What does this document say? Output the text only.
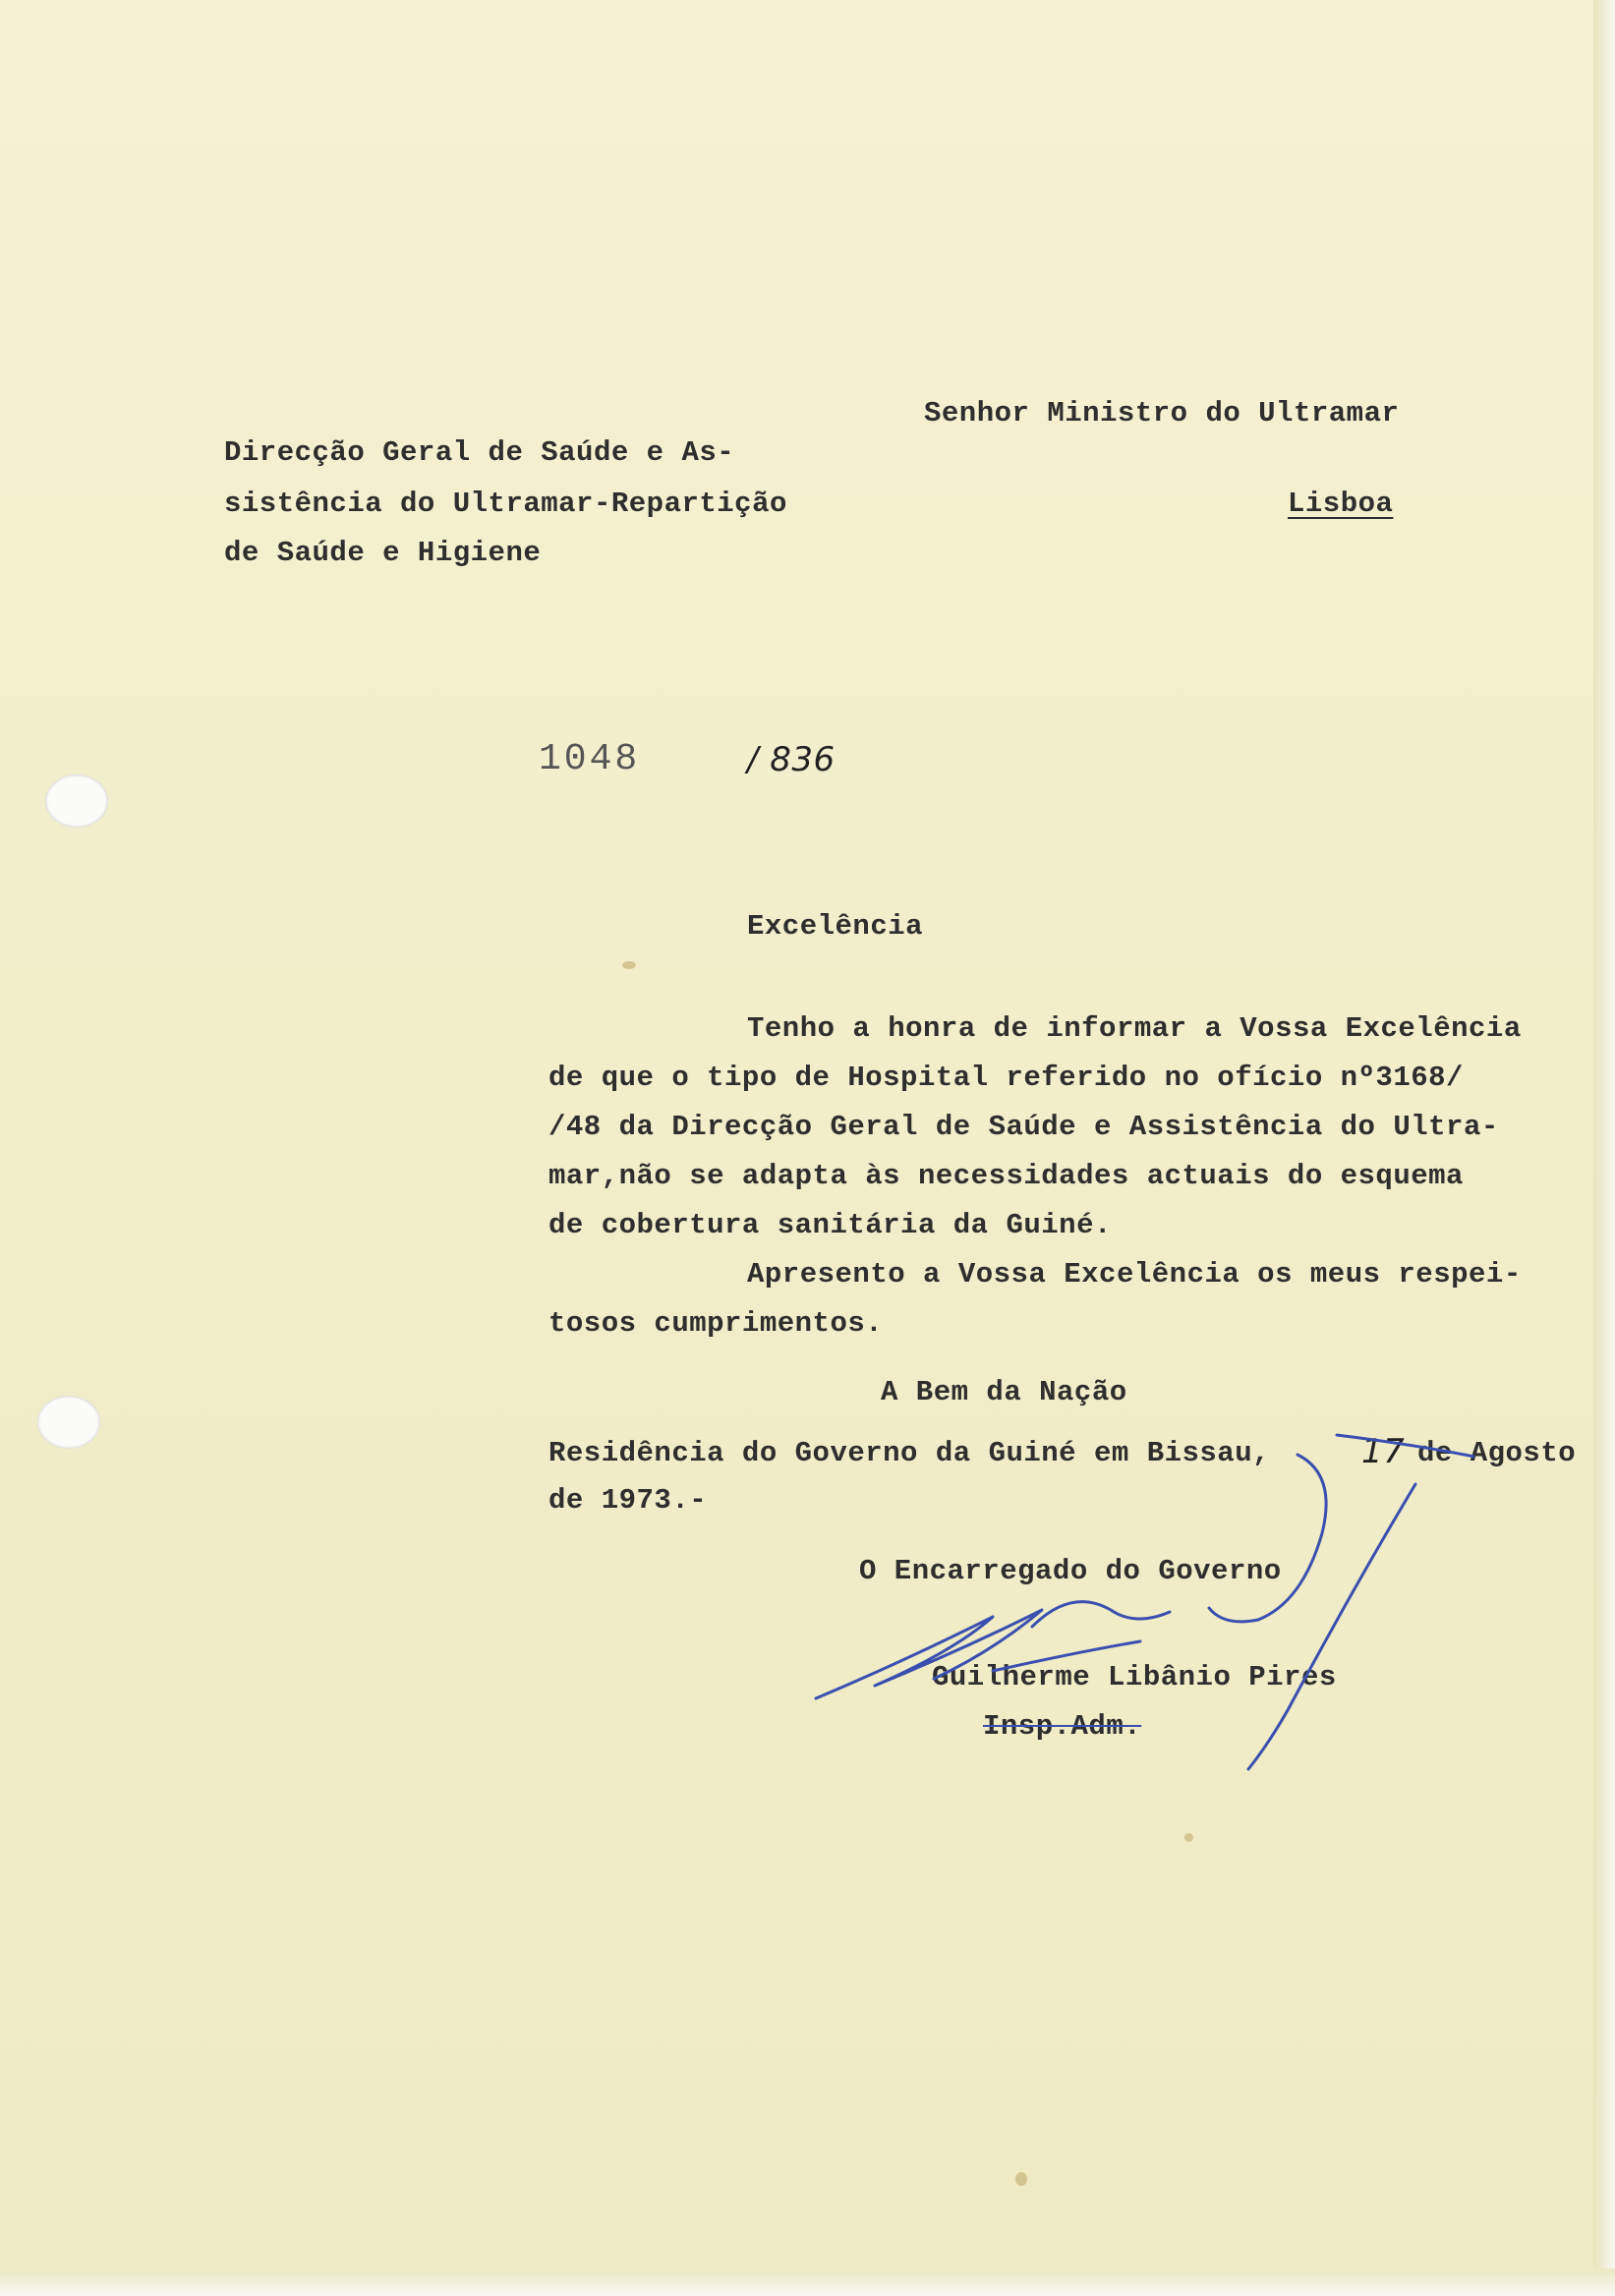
Senhor Ministro do Ultramar
Lisboa
Direcção Geral de Saúde e As-
sistência do Ultramar-Repartição
de Saúde e Higiene
1048	/ 836
Excelência
Tenho a honra de informar a Vossa Excelência
de que o tipo de Hospital referido no ofício nº3168/
/48 da Direcção Geral de Saúde e Assistência do Ultra-
mar,não se adapta às necessidades actuais do esquema
de cobertura sanitária da Guiné.
Apresento a Vossa Excelência os meus respei-
tosos cumprimentos.
A Bem da Nação
Residência do Governo da Guiné em Bissau,	17 de Agosto
de 1973.-
O Encarregado do Governo
Guilherme Libânio Pires
Insp.Adm.
